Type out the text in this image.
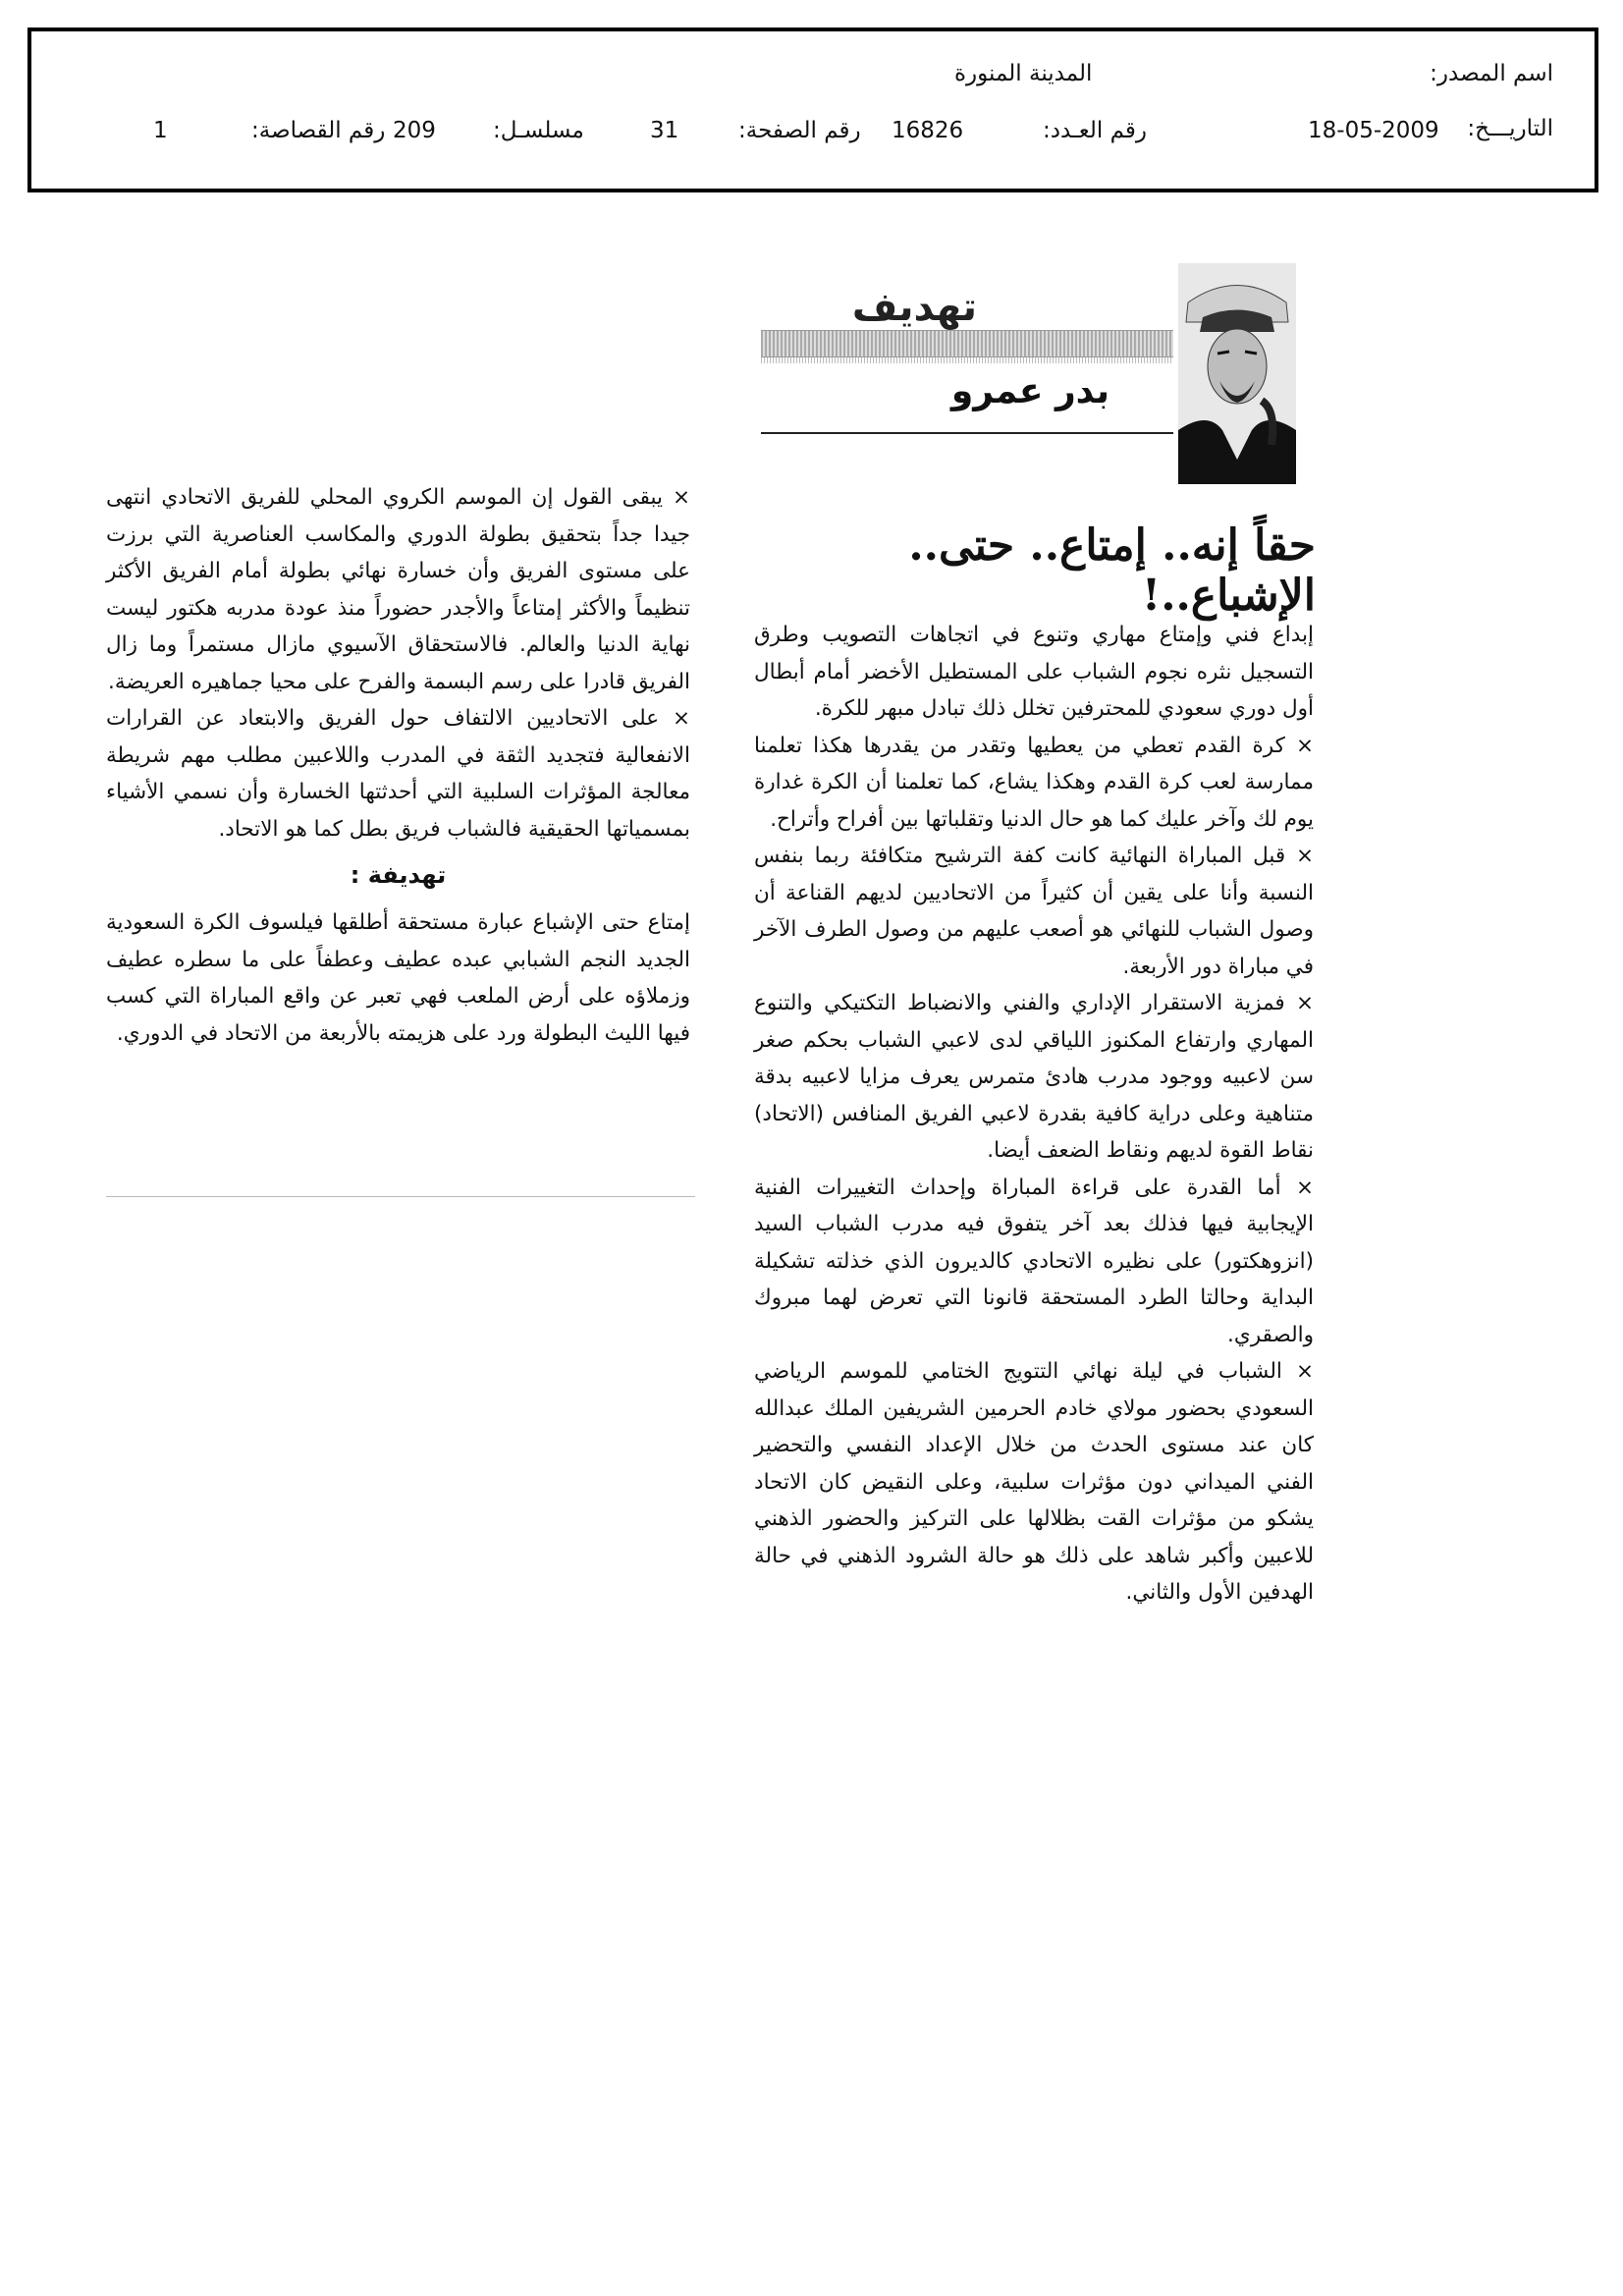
اسم المصدر:
المدينة المنورة
التاريـــخ:
18-05-2009
رقم العـدد:
16826
رقم الصفحة:
31
مسلسـل:
209
رقم القصاصة:
1
تهديف
بدر عمرو
حقاً إنه.. إمتاع.. حتى.. الإشباع..!

إبداع فني وإمتاع مهاري وتنوع في اتجاهات التصويب وطرق التسجيل نثره نجوم الشباب على المستطيل الأخضر أمام أبطال أول دوري سعودي للمحترفين تخلل ذلك تبادل مبهر للكرة.

× كرة القدم تعطي من يعطيها وتقدر من يقدرها هكذا تعلمنا ممارسة لعب كرة القدم وهكذا يشاع، كما تعلمنا أن الكرة غدارة يوم لك وآخر عليك كما هو حال الدنيا وتقلباتها بين أفراح وأتراح.

× قبل المباراة النهائية كانت كفة الترشيح متكافئة ربما بنفس النسبة وأنا على يقين أن كثيراً من الاتحاديين لديهم القناعة أن وصول الشباب للنهائي هو أصعب عليهم من وصول الطرف الآخر في مباراة دور الأربعة.

× فمزية الاستقرار الإداري والفني والانضباط التكتيكي والتنوع المهاري وارتفاع المكنوز اللياقي لدى لاعبي الشباب بحكم صغر سن لاعبيه ووجود مدرب هادئ متمرس يعرف مزايا لاعبيه بدقة متناهية وعلى دراية كافية بقدرة لاعبي الفريق المنافس (الاتحاد) نقاط القوة لديهم ونقاط الضعف أيضا.

× أما القدرة على قراءة المباراة وإحداث التغييرات الفنية الإيجابية فيها فذلك بعد آخر يتفوق فيه مدرب الشباب السيد (انزوهكتور) على نظيره الاتحادي كالديرون الذي خذلته تشكيلة البداية وحالتا الطرد المستحقة قانونا التي تعرض لهما مبروك والصقري.

× الشباب في ليلة نهائي التتويج الختامي للموسم الرياضي السعودي بحضور مولاي خادم الحرمين الشريفين الملك عبدالله كان عند مستوى الحدث من خلال الإعداد النفسي والتحضير الفني الميداني دون مؤثرات سلبية، وعلى النقيض كان الاتحاد يشكو من مؤثرات القت بظلالها على التركيز والحضور الذهني للاعبين وأكبر شاهد على ذلك هو حالة الشرود الذهني في حالة الهدفين الأول والثاني.

× يبقى القول إن الموسم الكروي المحلي للفريق الاتحادي انتهى جيدا جداً بتحقيق بطولة الدوري والمكاسب العناصرية التي برزت على مستوى الفريق وأن خسارة نهائي بطولة أمام الفريق الأكثر تنظيماً والأكثر إمتاعاً والأجدر حضوراً منذ عودة مدربه هكتور ليست نهاية الدنيا والعالم. فالاستحقاق الآسيوي مازال مستمراً وما زال الفريق قادرا على رسم البسمة والفرح على محيا جماهيره العريضة.

× على الاتحاديين الالتفاف حول الفريق والابتعاد عن القرارات الانفعالية فتجديد الثقة في المدرب واللاعبين مطلب مهم شريطة معالجة المؤثرات السلبية التي أحدثتها الخسارة وأن نسمي الأشياء بمسمياتها الحقيقية فالشباب فريق بطل كما هو الاتحاد.

تهديفة :

إمتاع حتى الإشباع عبارة مستحقة أطلقها فيلسوف الكرة السعودية الجديد النجم الشبابي عبده عطيف وعطفاً على ما سطره عطيف وزملاؤه على أرض الملعب فهي تعبر عن واقع المباراة التي كسب فيها الليث البطولة ورد على هزيمته بالأربعة من الاتحاد في الدوري.
